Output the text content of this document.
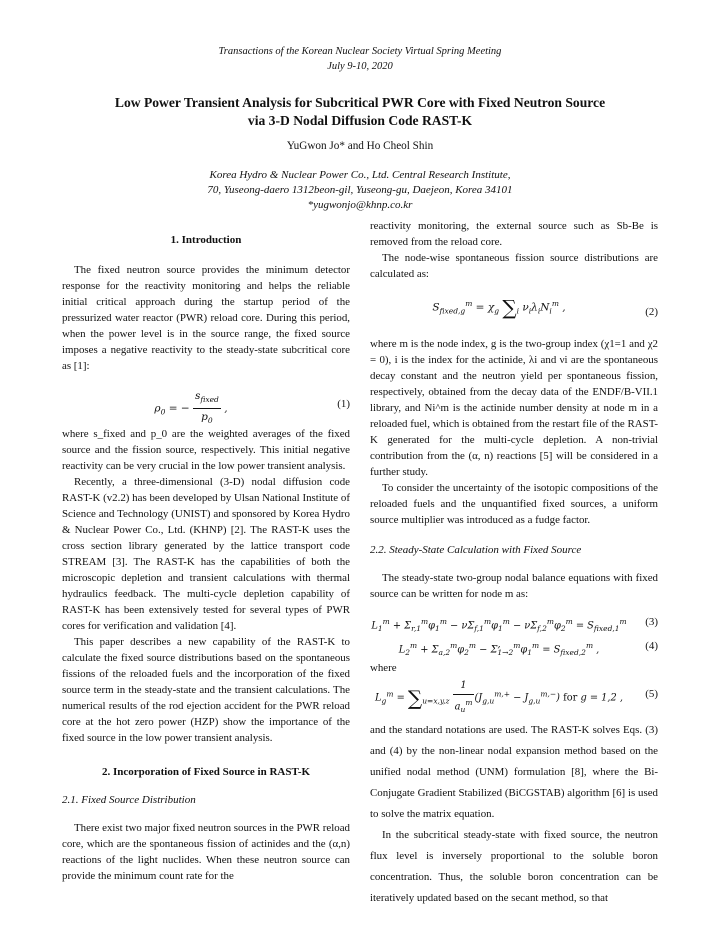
Transactions of the Korean Nuclear Society Virtual Spring Meeting
July 9-10, 2020
Low Power Transient Analysis for Subcritical PWR Core with Fixed Neutron Source
via 3-D Nodal Diffusion Code RAST-K
YuGwon Jo* and Ho Cheol Shin
Korea Hydro & Nuclear Power Co., Ltd. Central Research Institute,
70, Yuseong-daero 1312beon-gil, Yuseong-gu, Daejeon, Korea 34101
*yugwonjo@khnp.co.kr

1. Introduction

The fixed neutron source provides the minimum detector response for the reactivity monitoring and helps the reliable initial critical approach during the startup period of the pressurized water reactor (PWR) reload core. During this period, when the power level is in the source range, the fixed source imposes a negative reactivity to the steady-state subcritical core as [1]:

$\rho_0$ = − $\frac{s_{fixed}}{p_0}$ ,	(1)

where s_fixed and p_0 are the weighted averages of the fixed source and the fission source, respectively. This initial negative reactivity can be very crucial in the low power transient analysis.

Recently, a three-dimensional (3-D) nodal diffusion code RAST-K (v2.2) has been developed by Ulsan National Institute of Science and Technology (UNIST) and sponsored by Korea Hydro & Nuclear Power Co., Ltd. (KHNP) [2]. The RAST-K uses the cross section library generated by the lattice transport code STREAM [3]. The RAST-K has the capabilities of both the microscopic depletion and transient calculations with thermal hydraulics feedback. The multi-cycle depletion capability of RAST-K has been extensively tested for several types of PWR cores for verification and validation [4].

This paper describes a new capability of the RAST-K to calculate the fixed source distributions based on the spontaneous fissions of the reloaded fuels and the incorporation of the fixed source term in the steady-state and the transient calculations. The numerical results of the rod ejection accident for the PWR reload core at the hot zero power (HZP) show the importance of the fixed source in the low power transient analysis.

2. Incorporation of Fixed Source in RAST-K

2.1. Fixed Source Distribution

There exist two major fixed neutron sources in the PWR reload core, which are the spontaneous fission of actinides and the (α,n) reactions of the light nuclides. When these neutron source can provide the minimum count rate for the

reactivity monitoring, the external source such as Sb-Be is removed from the reload core.

The node-wise spontaneous fission source distributions are calculated as:

$S_{fixed,g}^m = \chi_g$ $\sum_i$ $\nu_i\lambda_iN_i^m$ ,	(2)

where m is the node index, g is the two-group index (χ1=1 and χ2 = 0), i is the index for the actinide, λi and νi are the spontaneous decay constant and the neutron yield per spontaneous fission, respectively, obtained from the decay data of the ENDF/B-VII.1 library, and Ni^m is the actinide number density at node m in a reloaded fuel, which is obtained from the restart file of the RAST-K generated for the multi-cycle depletion. A non-trivial contribution from the (α, n) reactions [5] will be considered in a further study.

To consider the uncertainty of the isotopic compositions of the reloaded fuels and the unquantified fixed sources, a uniform source multiplier was introduced as a fudge factor.

2.2. Steady-State Calculation with Fixed Source

The steady-state two-group nodal balance equations with fixed source can be written for node m as:

$L_1^m + \Sigma_{r,1}^m\varphi_1^m - \nu\Sigma_{f,1}^m\varphi_1^m - \nu\Sigma_{f,2}^m\varphi_2^m = S_{fixed,1}^m$ ,
(3)
$L_2^m + \Sigma_{a,2}^m\varphi_2^m - \Sigma_{1\to 2}^m\varphi_1^m = S_{fixed,2}^m$ ,	(4)

where

$L_g^m = \sum_{u=x,y,z} \frac{1}{a_u^m} (J_{g,u}^{m,+} - J_{g,u}^{m,-})$ for g = 1,2 ,	(5)

and the standard notations are used. The RAST-K solves Eqs. (3) and (4) by the non-linear nodal expansion method based on the unified nodal method (UNM) formulation [8], where the Bi-Conjugate Gradient Stabilized (BiCGSTAB) algorithm [6] is used to solve the matrix equation.

In the subcritical steady-state with fixed source, the neutron flux level is inversely proportional to the soluble boron concentration. Thus, the soluble boron concentration can be iteratively updated based on the secant method, so that
